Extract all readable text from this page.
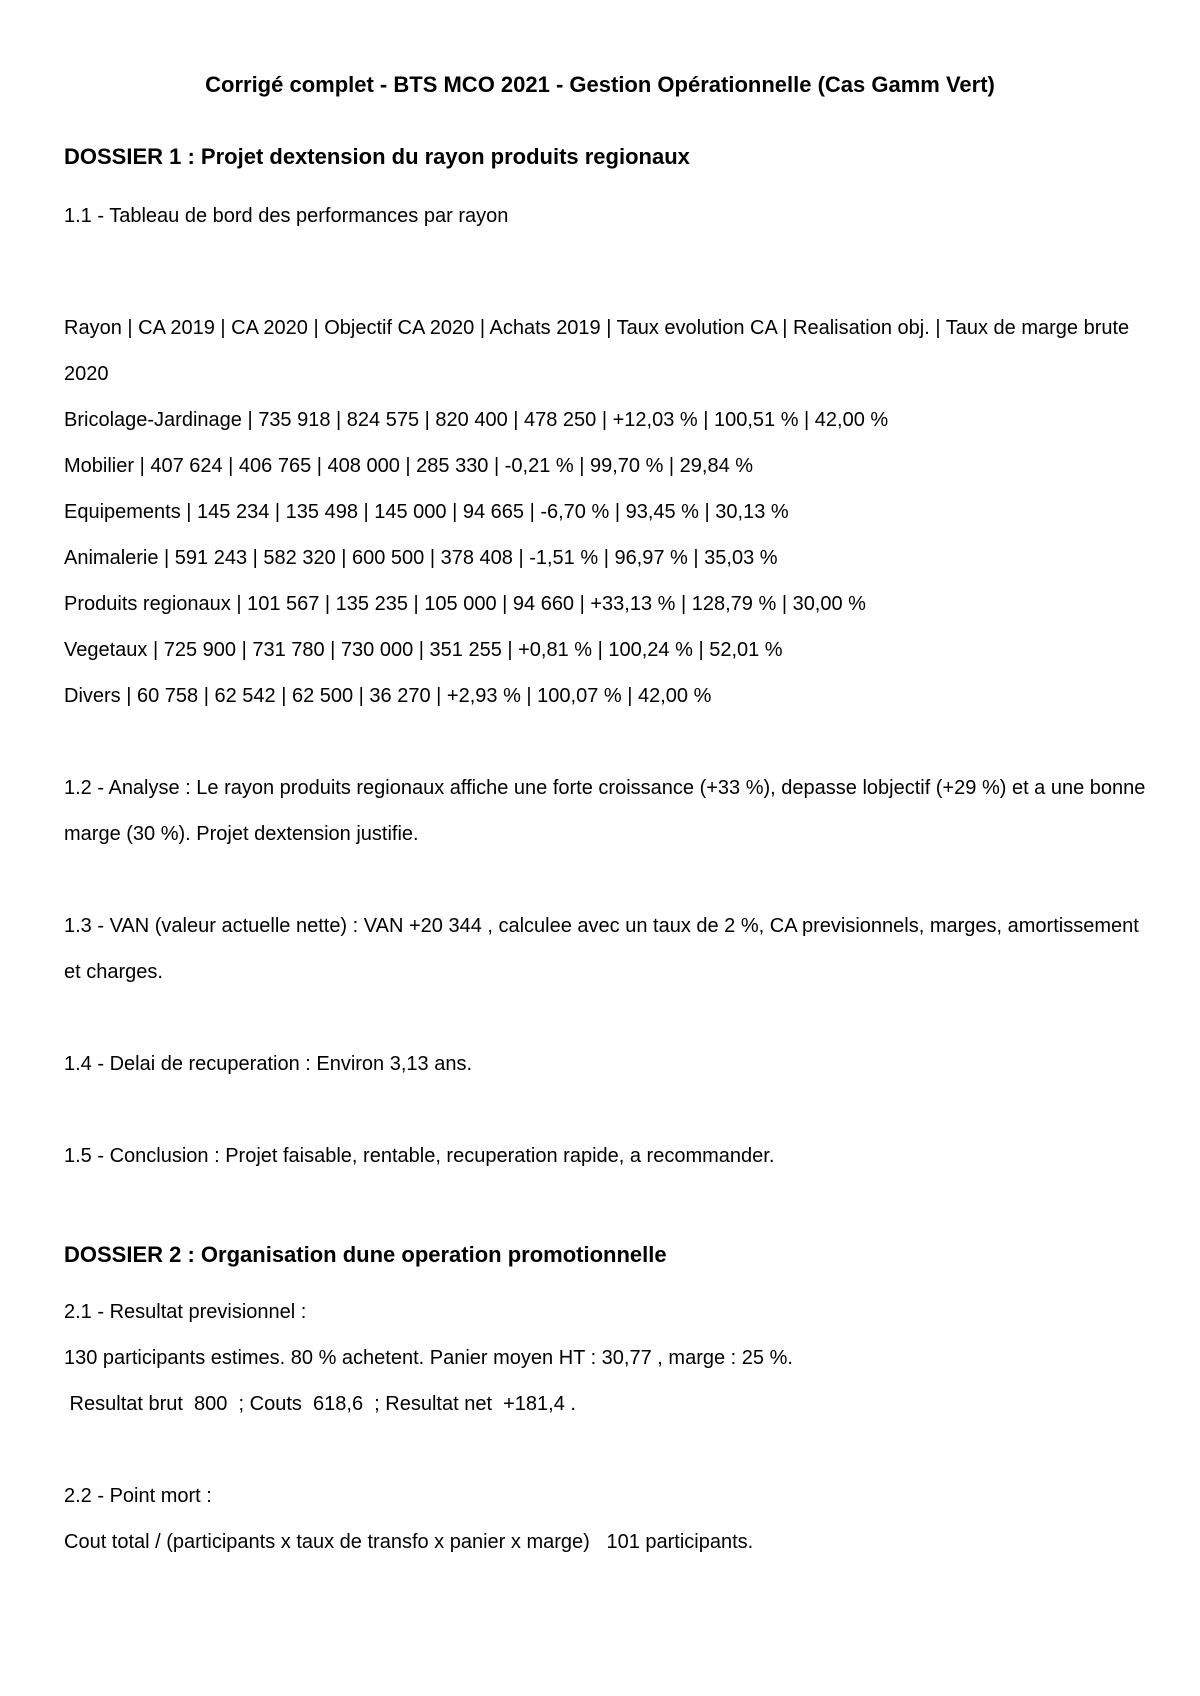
Corrigé complet - BTS MCO 2021 - Gestion Opérationnelle (Cas Gamm Vert)
DOSSIER 1 : Projet dextension du rayon produits regionaux

1.1 - Tableau de bord des performances par rayon

Rayon | CA 2019 | CA 2020 | Objectif CA 2020 | Achats 2019 | Taux evolution CA | Realisation obj. | Taux de marge brute 2020

Bricolage-Jardinage | 735 918 | 824 575 | 820 400 | 478 250 | +12,03 % | 100,51 % | 42,00 %

Mobilier | 407 624 | 406 765 | 408 000 | 285 330 | -0,21 % | 99,70 % | 29,84 %

Equipements | 145 234 | 135 498 | 145 000 | 94 665 | -6,70 % | 93,45 % | 30,13 %

Animalerie | 591 243 | 582 320 | 600 500 | 378 408 | -1,51 % | 96,97 % | 35,03 %

Produits regionaux | 101 567 | 135 235 | 105 000 | 94 660 | +33,13 % | 128,79 % | 30,00 %

Vegetaux | 725 900 | 731 780 | 730 000 | 351 255 | +0,81 % | 100,24 % | 52,01 %

Divers | 60 758 | 62 542 | 62 500 | 36 270 | +2,93 % | 100,07 % | 42,00 %

1.2 - Analyse : Le rayon produits regionaux affiche une forte croissance (+33 %), depasse lobjectif (+29 %) et a une bonne marge (30 %). Projet dextension justifie.

1.3 - VAN (valeur actuelle nette) : VAN +20 344 , calculee avec un taux de 2 %, CA previsionnels, marges, amortissement et charges.

1.4 - Delai de recuperation : Environ 3,13 ans.

1.5 - Conclusion : Projet faisable, rentable, recuperation rapide, a recommander.

DOSSIER 2 : Organisation dune operation promotionnelle

2.1 - Resultat previsionnel :

130 participants estimes. 80 % achetent. Panier moyen HT : 30,77 , marge : 25 %.

Resultat brut  800  ; Couts  618,6  ; Resultat net  +181,4 .

2.2 - Point mort :

Cout total / (participants x taux de transfo x panier x marge)   101 participants.
